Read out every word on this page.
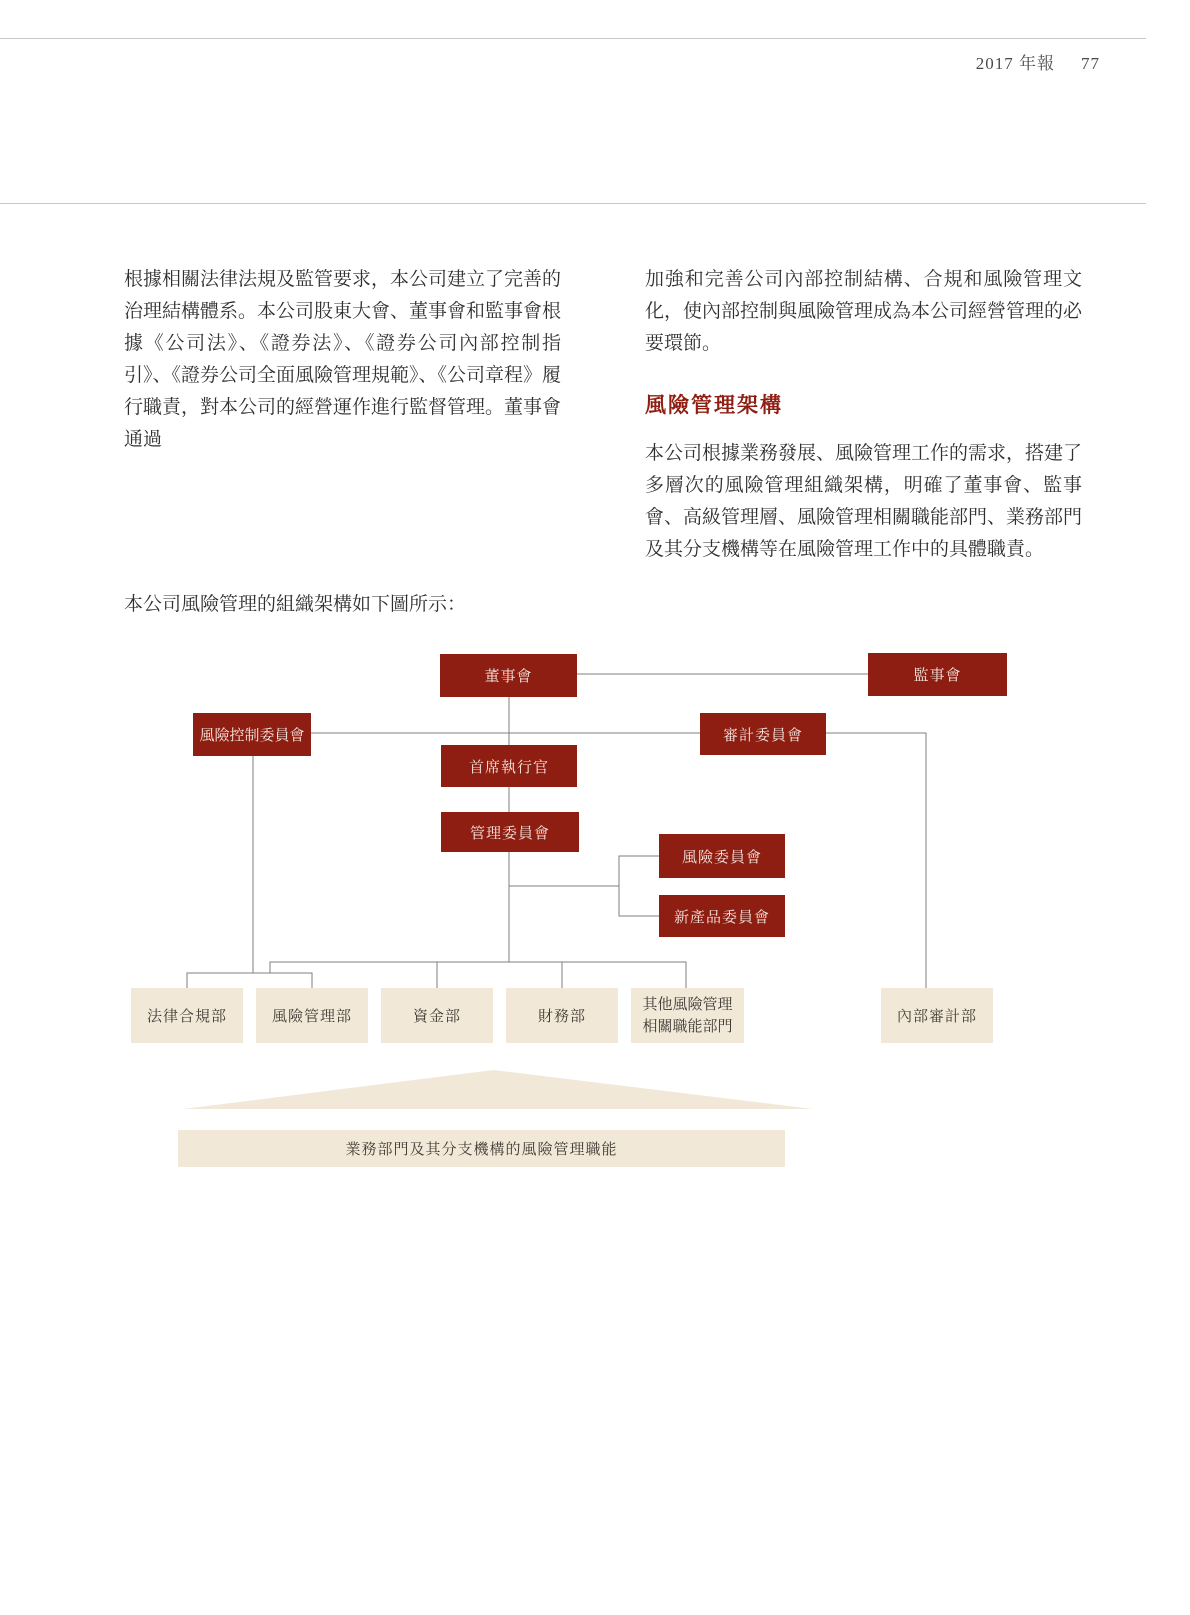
2017 年報 77
根據相關法律法規及監管要求，本公司建立了完善的治理結構體系。本公司股東大會、董事會和監事會根據《公司法》、《證券法》、《證券公司內部控制指引》、《證券公司全面風險管理規範》、《公司章程》履行職責，對本公司的經營運作進行監督管理。董事會通過
加強和完善公司內部控制結構、合規和風險管理文化，使內部控制與風險管理成為本公司經營管理的必要環節。
風險管理架構
本公司根據業務發展、風險管理工作的需求，搭建了多層次的風險管理組織架構，明確了董事會、監事會、高級管理層、風險管理相關職能部門、業務部門及其分支機構等在風險管理工作中的具體職責。
本公司風險管理的組織架構如下圖所示：
董事會	監事會
風險控制委員會	審計委員會
首席執行官
管理委員會
風險委員會
新產品委員會
法律合規部	風險管理部	資金部	財務部
其他風險管理相關職能部門
內部審計部
業務部門及其分支機構的風險管理職能
